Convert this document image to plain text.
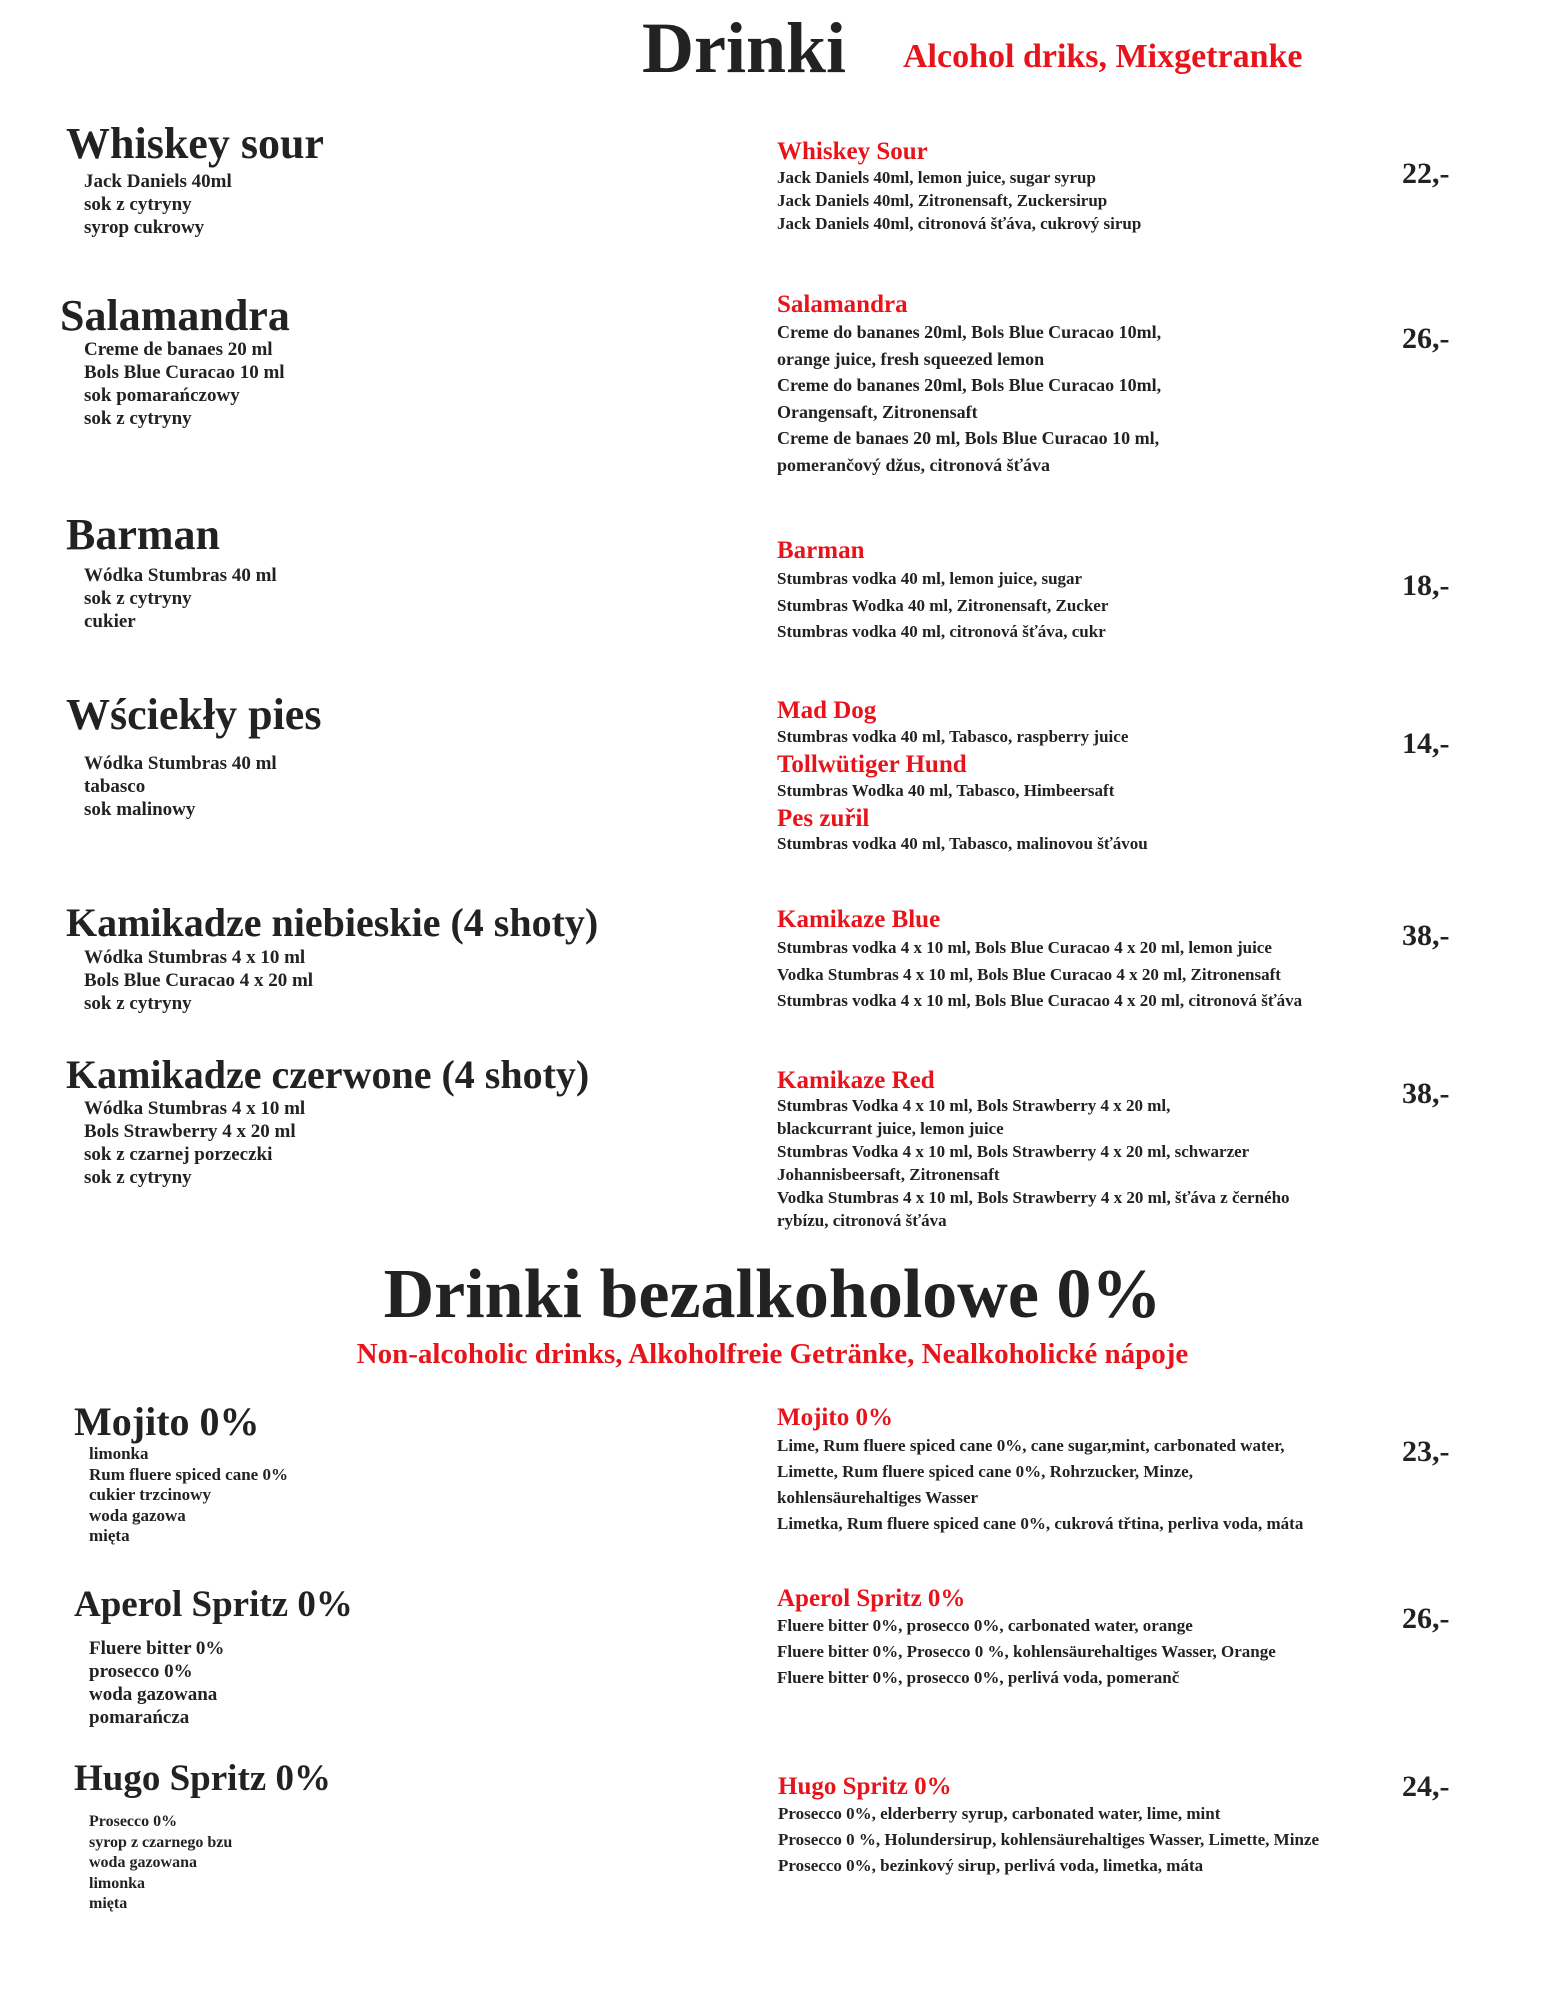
Drinki Alcohol driks, Mixgetranke
Whiskey sour
Jack Daniels 40ml
sok z cytryny
syrop cukrowy
Whiskey Sour
Jack Daniels 40ml, lemon juice, sugar syrup
Jack Daniels 40ml, Zitronensaft, Zuckersirup
Jack Daniels 40ml, citronová šťáva, cukrový sirup
22,-
Salamandra
Creme de banaes 20 ml
Bols Blue Curacao 10 ml
sok pomarańczowy
sok z cytryny
Salamandra
Creme do bananes 20ml, Bols Blue Curacao 10ml,
orange juice, fresh squeezed lemon
Creme do bananes 20ml, Bols Blue Curacao 10ml,
Orangensaft, Zitronensaft
Creme de banaes 20 ml, Bols Blue Curacao 10 ml,
pomerančový džus, citronová šťáva
26,-
Barman
Wódka Stumbras 40 ml
sok z cytryny
cukier
Barman
Stumbras vodka 40 ml, lemon juice, sugar
Stumbras Wodka 40 ml, Zitronensaft, Zucker
Stumbras vodka 40 ml, citronová šťáva, cukr
18,-
Wściekły pies
Wódka Stumbras 40 ml
tabasco
sok malinowy
Mad Dog
Stumbras vodka 40 ml, Tabasco, raspberry juice
Tollwütiger Hund
Stumbras Wodka 40 ml, Tabasco, Himbeersaft
Pes zuřil
Stumbras vodka 40 ml, Tabasco, malinovou šťávou
14,-
Kamikadze niebieskie (4 shoty)
Wódka Stumbras 4 x 10 ml
Bols Blue Curacao 4 x 20 ml
sok z cytryny
Kamikaze Blue
Stumbras vodka 4 x 10 ml, Bols Blue Curacao 4 x 20 ml, lemon juice
Vodka Stumbras 4 x 10 ml, Bols Blue Curacao 4 x 20 ml, Zitronensaft
Stumbras vodka 4 x 10 ml, Bols Blue Curacao 4 x 20 ml, citronová šťáva
38,-
Kamikadze czerwone (4 shoty)
Wódka Stumbras 4 x 10 ml
Bols Strawberry 4 x 20 ml
sok z czarnej porzeczki
sok z cytryny
Kamikaze Red
Stumbras Vodka 4 x 10 ml, Bols Strawberry 4 x 20 ml,
blackcurrant juice, lemon juice
Stumbras Vodka 4 x 10 ml, Bols Strawberry 4 x 20 ml, schwarzer
Johannisbeersaft, Zitronensaft
Vodka Stumbras 4 x 10 ml, Bols Strawberry 4 x 20 ml, šťáva z černého
rybízu, citronová šťáva
38,-
Drinki bezalkoholowe 0%
Non-alcoholic drinks, Alkoholfreie Getränke, Nealkoholické nápoje
Mojito 0%
limonka
Rum fluere spiced cane 0%
cukier trzcinowy
woda gazowa
mięta
Mojito 0%
Lime, Rum fluere spiced cane 0%, cane sugar,mint, carbonated water,
Limette, Rum fluere spiced cane 0%, Rohrzucker, Minze,
kohlensäurehaltiges Wasser
Limetka, Rum fluere spiced cane 0%, cukrová třtina, perliva voda, máta
23,-
Aperol Spritz 0%
Fluere bitter 0%
prosecco 0%
woda gazowana
pomarańcza
Aperol Spritz 0%
Fluere bitter 0%, prosecco 0%, carbonated water, orange
Fluere bitter 0%, Prosecco 0 %, kohlensäurehaltiges Wasser, Orange
Fluere bitter 0%, prosecco 0%, perlivá voda, pomeranč
26,-
Hugo Spritz 0%
Prosecco 0%
syrop z czarnego bzu
woda gazowana
limonka
mięta
Hugo Spritz 0%
Prosecco 0%, elderberry syrup, carbonated water, lime, mint
Prosecco 0 %, Holundersirup, kohlensäurehaltiges Wasser, Limette, Minze
Prosecco 0%, bezinkový sirup, perlivá voda, limetka, máta
24,-
